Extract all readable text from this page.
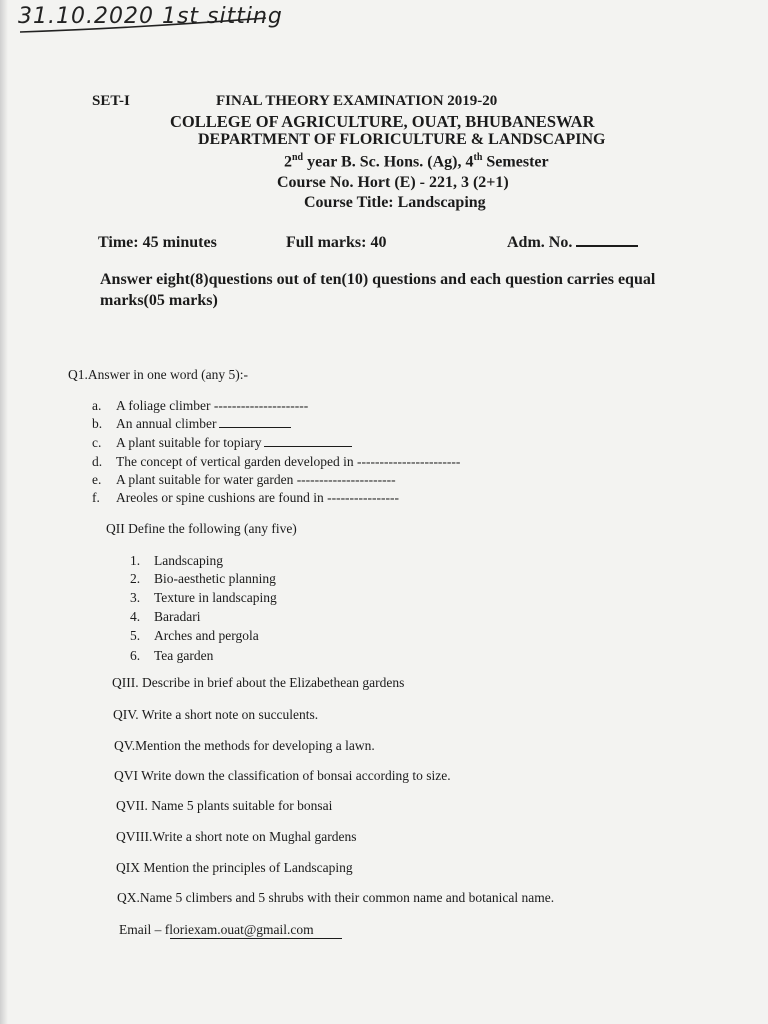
31.10.2020 1st sitting
SET-I	FINAL THEORY EXAMINATION 2019-20
COLLEGE OF AGRICULTURE, OUAT, BHUBANESWAR
DEPARTMENT OF FLORICULTURE & LANDSCAPING
2nd year B. Sc. Hons. (Ag), 4th Semester
Course No. Hort (E) - 221, 3 (2+1)
Course Title: Landscaping
Time: 45 minutes	Full marks: 40	Adm. No.
Answer eight(8)questions out of ten(10) questions and each question carries equal marks(05 marks)
Q1.Answer in one word (any 5):-
a.	A foliage climber ---------------------
b.	An annual climber
c.	A plant suitable for topiary
d.	The concept of vertical garden developed in -----------------------
e.	A plant suitable for water garden ----------------------
f.	Areoles or spine cushions are found in ----------------
QII Define the following (any five)
1.	Landscaping
2.	Bio-aesthetic planning
3.	Texture in landscaping
4.	Baradari
5.	Arches and pergola
6.	Tea garden
QIII. Describe in brief about the Elizabethean gardens
QIV. Write a short note on succulents.
QV.Mention the methods for developing a lawn.
QVI Write down the classification of bonsai according to size.
QVII. Name 5 plants suitable for bonsai
QVIII.Write a short note on Mughal gardens
QIX Mention the principles of Landscaping
QX.Name 5 climbers and 5 shrubs with their common name and botanical name.
Email – floriexam.ouat@gmail.com
